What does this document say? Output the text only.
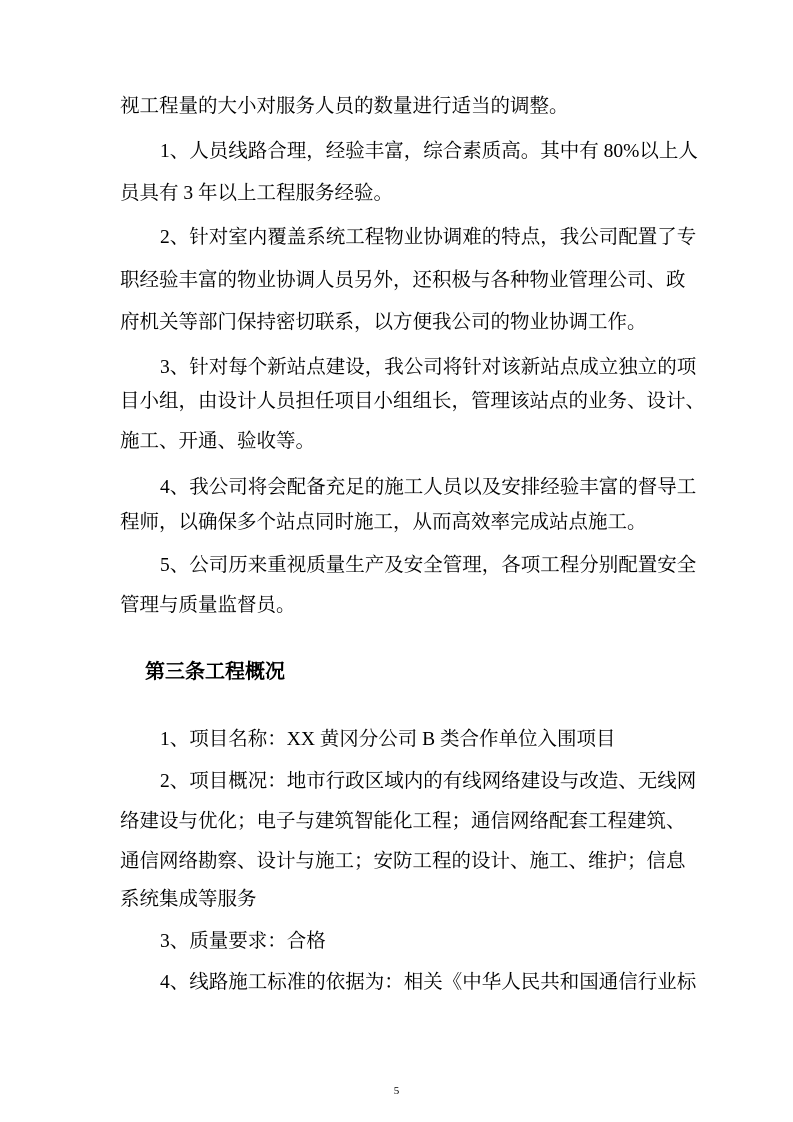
视工程量的大小对服务人员的数量进行适当的调整。
1、人员线路合理，经验丰富，综合素质高。其中有 80%以上人
员具有 3 年以上工程服务经验。
2、针对室内覆盖系统工程物业协调难的特点，我公司配置了专
职经验丰富的物业协调人员另外，还积极与各种物业管理公司、政
府机关等部门保持密切联系，以方便我公司的物业协调工作。
3、针对每个新站点建设，我公司将针对该新站点成立独立的项
目小组，由设计人员担任项目小组组长，管理该站点的业务、设计、
施工、开通、验收等。
4、我公司将会配备充足的施工人员以及安排经验丰富的督导工
程师，以确保多个站点同时施工，从而高效率完成站点施工。
5、公司历来重视质量生产及安全管理，各项工程分别配置安全
管理与质量监督员。
第三条工程概况
1、项目名称：XX 黄冈分公司 B 类合作单位入围项目
2、项目概况：地市行政区域内的有线网络建设与改造、无线网
络建设与优化；电子与建筑智能化工程；通信网络配套工程建筑、
通信网络勘察、设计与施工；安防工程的设计、施工、维护；信息
系统集成等服务
3、质量要求：合格
4、线路施工标准的依据为：相关《中华人民共和国通信行业标
5
